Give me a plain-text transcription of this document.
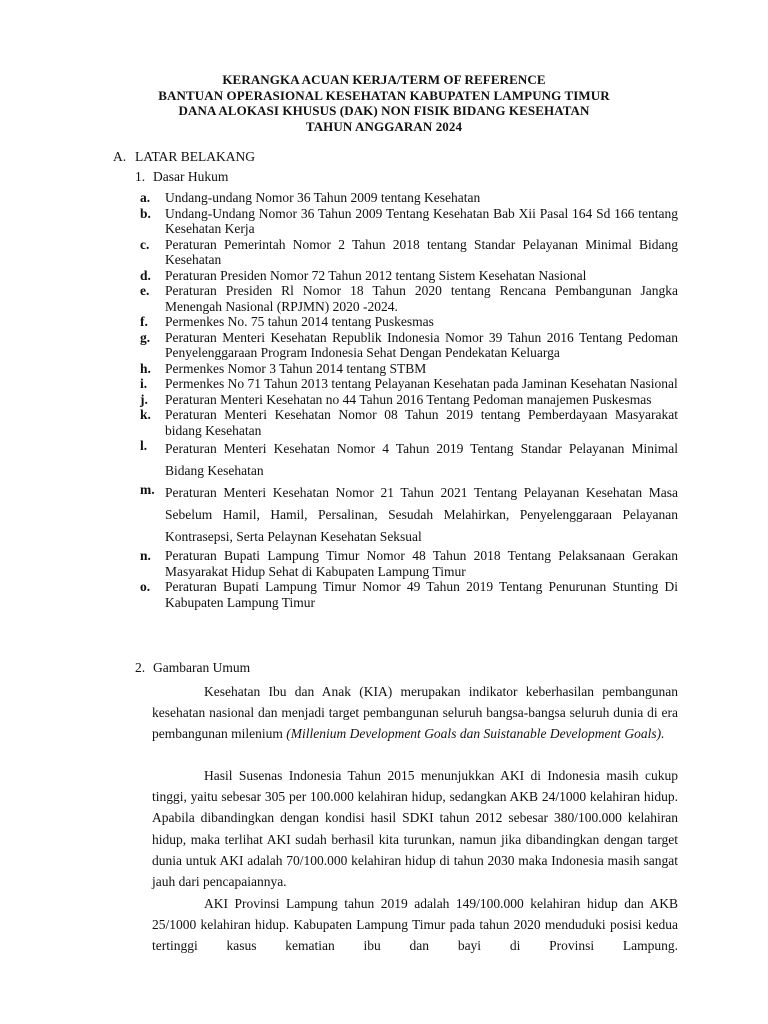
KERANGKA ACUAN KERJA/TERM OF REFERENCE
BANTUAN OPERASIONAL KESEHATAN KABUPATEN LAMPUNG TIMUR
DANA ALOKASI KHUSUS (DAK) NON FISIK BIDANG KESEHATAN
TAHUN ANGGARAN 2024
A. LATAR BELAKANG
1. Dasar Hukum
a.	Undang-undang Nomor 36 Tahun 2009 tentang Kesehatan
b.	Undang-Undang Nomor 36 Tahun 2009 Tentang Kesehatan Bab Xii Pasal 164 Sd 166 tentang Kesehatan Kerja
c.	Peraturan Pemerintah Nomor 2 Tahun 2018 tentang Standar Pelayanan Minimal Bidang Kesehatan
d.	Peraturan Presiden Nomor 72 Tahun 2012 tentang Sistem Kesehatan Nasional
e.	Peraturan Presiden Rl Nomor 18 Tahun 2020 tentang Rencana Pembangunan Jangka Menengah Nasional (RPJMN) 2020 -2024.
f.	Permenkes No. 75 tahun 2014 tentang Puskesmas
g.	Peraturan Menteri Kesehatan Republik Indonesia Nomor 39 Tahun 2016 Tentang Pedoman Penyelenggaraan Program Indonesia Sehat Dengan Pendekatan Keluarga
h.	Permenkes Nomor 3 Tahun 2014 tentang STBM
i.	Permenkes No 71 Tahun 2013 tentang Pelayanan Kesehatan pada Jaminan Kesehatan Nasional
j.	Peraturan Menteri Kesehatan no 44 Tahun 2016 Tentang Pedoman manajemen Puskesmas
k.	Peraturan Menteri Kesehatan Nomor 08 Tahun 2019 tentang Pemberdayaan Masyarakat bidang Kesehatan
l.	Peraturan Menteri Kesehatan Nomor 4 Tahun 2019 Tentang Standar Pelayanan Minimal Bidang Kesehatan
m. Peraturan Menteri Kesehatan Nomor 21 Tahun 2021 Tentang Pelayanan Kesehatan Masa Sebelum Hamil, Hamil, Persalinan, Sesudah Melahirkan, Penyelenggaraan Pelayanan Kontrasepsi, Serta Pelaynan Kesehatan Seksual
n.	Peraturan Bupati Lampung Timur Nomor 48 Tahun 2018 Tentang Pelaksanaan Gerakan Masyarakat Hidup Sehat di Kabupaten Lampung Timur
o.	Peraturan Bupati Lampung Timur Nomor 49 Tahun 2019 Tentang Penurunan Stunting Di Kabupaten Lampung Timur
2. Gambaran Umum

Kesehatan Ibu dan Anak (KIA) merupakan indikator keberhasilan pembangunan kesehatan nasional dan menjadi target pembangunan seluruh bangsa-bangsa seluruh dunia di era pembangunan milenium (Millenium Development Goals dan Suistanable Development Goals).

Hasil Susenas Indonesia Tahun 2015 menunjukkan AKI di Indonesia masih cukup tinggi, yaitu sebesar 305 per 100.000 kelahiran hidup, sedangkan AKB 24/1000 kelahiran hidup. Apabila dibandingkan dengan kondisi hasil SDKI tahun 2012 sebesar 380/100.000 kelahiran hidup, maka terlihat AKI sudah berhasil kita turunkan, namun jika dibandingkan dengan target dunia untuk AKI adalah 70/100.000 kelahiran hidup di tahun 2030 maka Indonesia masih sangat jauh dari pencapaiannya.

AKI Provinsi Lampung tahun 2019 adalah 149/100.000 kelahiran hidup dan AKB 25/1000 kelahiran hidup. Kabupaten Lampung Timur pada tahun 2020 menduduki posisi kedua tertinggi kasus kematian ibu dan bayi di Provinsi Lampung.
